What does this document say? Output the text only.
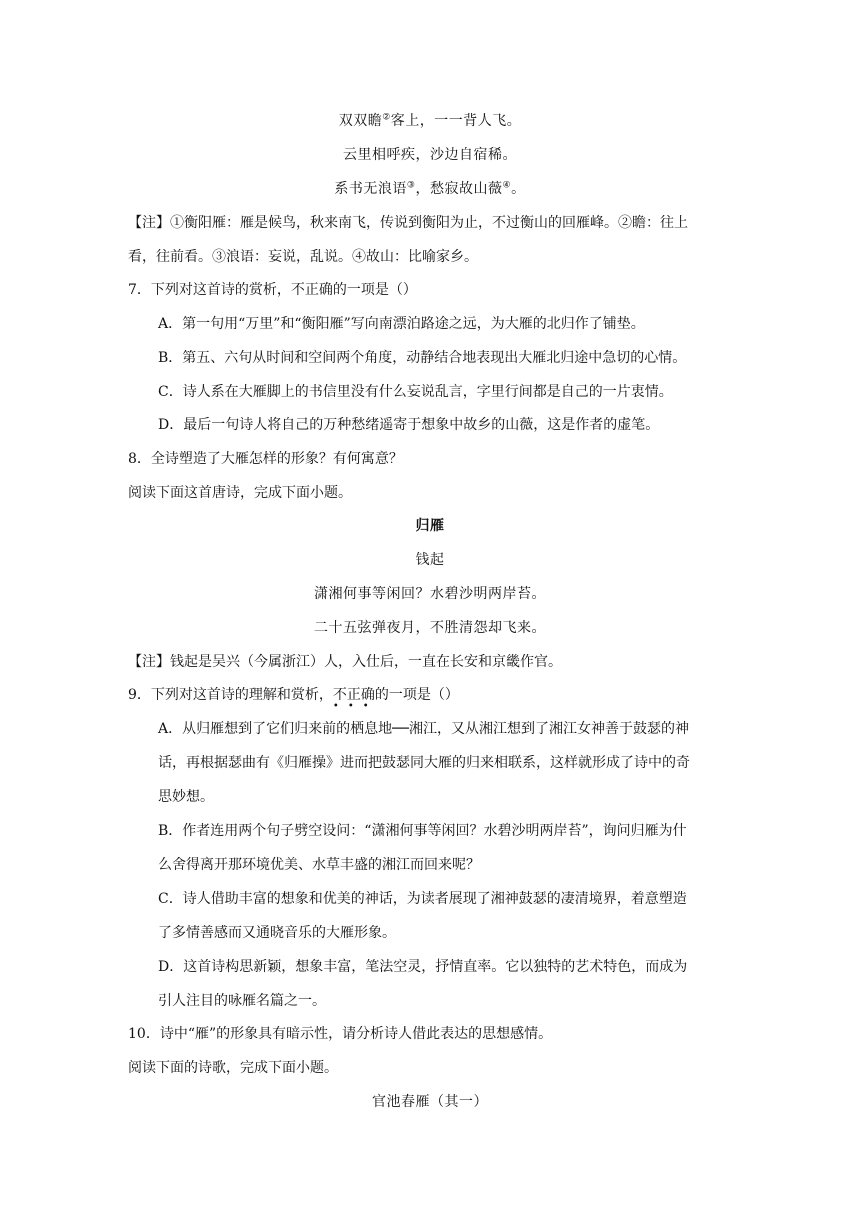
双双瞻②客上，一一背人飞。
云里相呼疾，沙边自宿稀。
系书无浪语③，愁寂故山薇④。
【注】①衡阳雁：雁是候鸟，秋来南飞，传说到衡阳为止，不过衡山的回雁峰。②瞻：往上
看，往前看。③浪语：妄说，乱说。④故山：比喻家乡。
7．下列对这首诗的赏析，不正确的一项是（）
A．第一句用“万里”和“衡阳雁”写向南漂泊路途之远，为大雁的北归作了铺垫。
B．第五、六句从时间和空间两个角度，动静结合地表现出大雁北归途中急切的心情。
C．诗人系在大雁脚上的书信里没有什么妄说乱言，字里行间都是自己的一片衷情。
D．最后一句诗人将自己的万种愁绪遥寄于想象中故乡的山薇，这是作者的虚笔。
8．全诗塑造了大雁怎样的形象？有何寓意？
阅读下面这首唐诗，完成下面小题。
归雁
钱起
潇湘何事等闲回？水碧沙明两岸苔。
二十五弦弹夜月，不胜清怨却飞来。
【注】钱起是吴兴（今属浙江）人，入仕后，一直在长安和京畿作官。
9．下列对这首诗的理解和赏析，不正确
•••
的一项是（）
A．从归雁想到了它们归来前的栖息地──湘江，又从湘江想到了湘江女神善于鼓瑟的神
话，再根据瑟曲有《归雁操》进而把鼓瑟同大雁的归来相联系，这样就形成了诗中的奇
思妙想。
B．作者连用两个句子劈空设问：“潇湘何事等闲回？水碧沙明两岸苔”，询问归雁为什
么舍得离开那环境优美、水草丰盛的湘江而回来呢？
C．诗人借助丰富的想象和优美的神话，为读者展现了湘神鼓瑟的凄清境界，着意塑造
了多情善感而又通晓音乐的大雁形象。
D．这首诗构思新颖，想象丰富，笔法空灵，抒情直率。它以独特的艺术特色，而成为
引人注目的咏雁名篇之一。
10．诗中“雁”的形象具有暗示性，请分析诗人借此表达的思想感情。
阅读下面的诗歌，完成下面小题。
官池春雁（其一）
